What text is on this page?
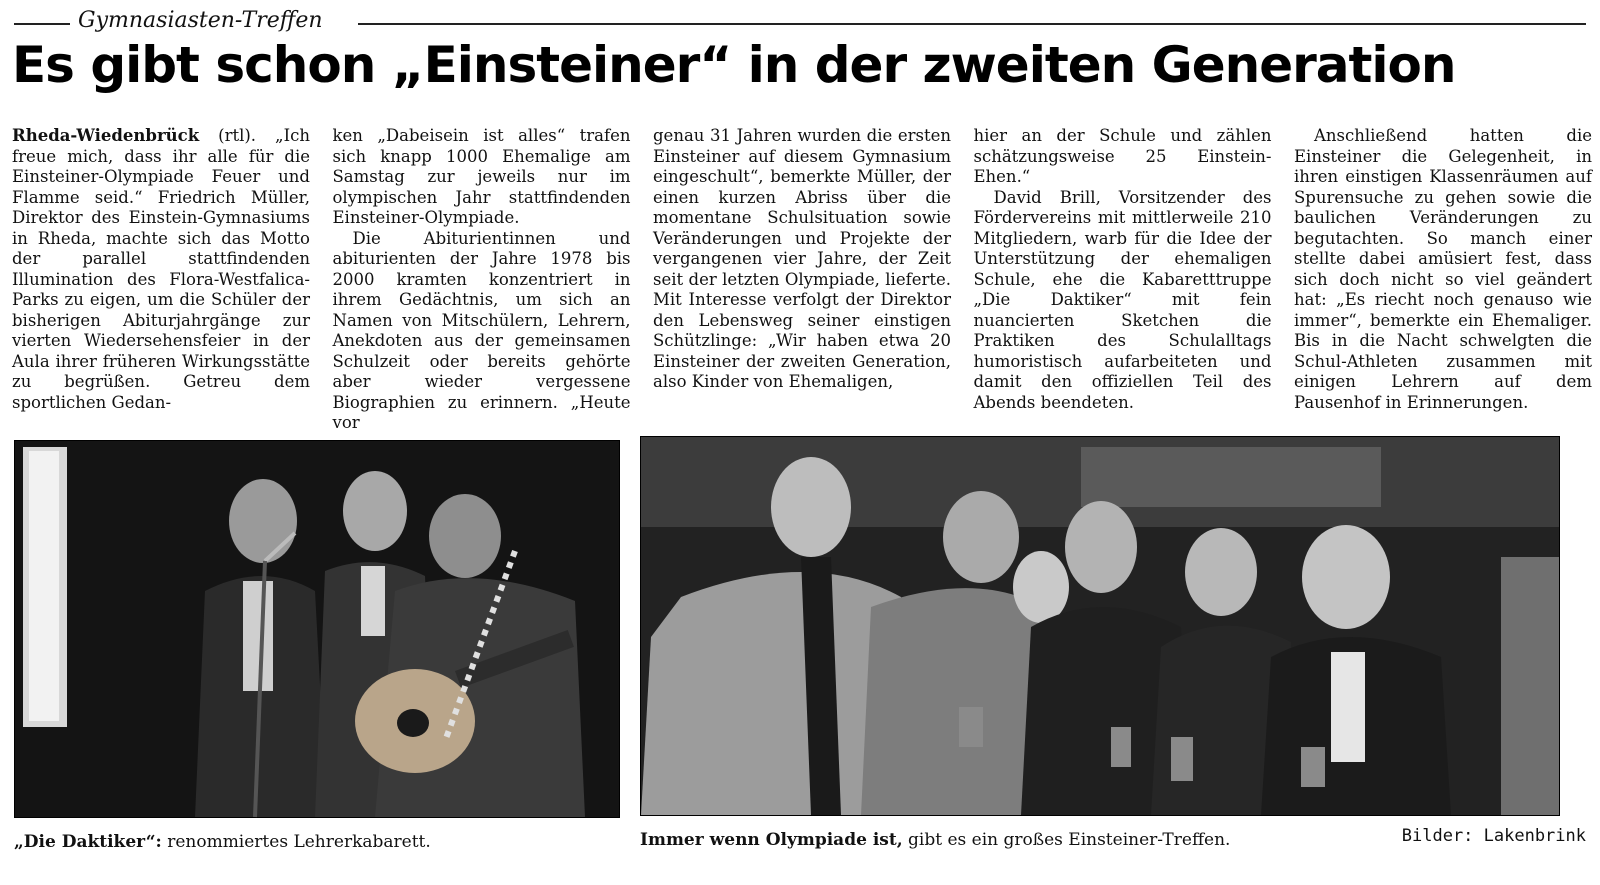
Gymnasiasten-Treffen
Es gibt schon „Einsteiner“ in der zweiten Generation

Rheda-Wiedenbrück (rtl). „Ich freue mich, dass ihr alle für die Einsteiner-Olympiade Feuer und Flamme seid.“ Friedrich Müller, Direktor des Einstein-Gymnasiums in Rheda, machte sich das Motto der parallel stattfindenden Illumination des Flora-Westfalica-Parks zu eigen, um die Schüler der bisherigen Abiturjahrgänge zur vierten Wiedersehensfeier in der Aula ihrer früheren Wirkungsstätte zu begrüßen. Getreu dem sportlichen Gedan-

ken „Dabeisein ist alles“ trafen sich knapp 1000 Ehemalige am Samstag zur jeweils nur im olympischen Jahr stattfindenden Einsteiner-Olympiade.

Die Abiturientinnen und abiturienten der Jahre 1978 bis 2000 kramten konzentriert in ihrem Gedächtnis, um sich an Namen von Mitschülern, Lehrern, Anekdoten aus der gemeinsamen Schulzeit oder bereits gehörte aber wieder vergessene Biographien zu erinnern. „Heute vor

genau 31 Jahren wurden die ersten Einsteiner auf diesem Gymnasium eingeschult“, bemerkte Müller, der einen kurzen Abriss über die momentane Schulsituation sowie Veränderungen und Projekte der vergangenen vier Jahre, der Zeit seit der letzten Olympiade, lieferte. Mit Interesse verfolgt der Direktor den Lebensweg seiner einstigen Schützlinge: „Wir haben etwa 20 Einsteiner der zweiten Generation, also Kinder von Ehemaligen,

hier an der Schule und zählen schätzungsweise 25 Einstein-Ehen.“

David Brill, Vorsitzender des Fördervereins mit mittlerweile 210 Mitgliedern, warb für die Idee der Unterstützung der ehemaligen Schule, ehe die Kabaretttruppe „Die Daktiker“ mit fein nuancierten Sketchen die Praktiken des Schulalltags humoristisch aufarbeiteten und damit den offiziellen Teil des Abends beendeten.

Anschließend hatten die Einsteiner die Gelegenheit, in ihren einstigen Klassenräumen auf Spurensuche zu gehen sowie die baulichen Veränderungen zu begutachten. So manch einer stellte dabei amüsiert fest, dass sich doch nicht so viel geändert hat: „Es riecht noch genauso wie immer“, bemerkte ein Ehemaliger. Bis in die Nacht schwelgten die Schul-Athleten zusammen mit einigen Lehrern auf dem Pausenhof in Erinnerungen.

„Die Daktiker“: renommiertes Lehrerkabarett.	Immer wenn Olympiade ist, gibt es ein großes Einsteiner-Treffen.	Bilder: Lakenbrink
